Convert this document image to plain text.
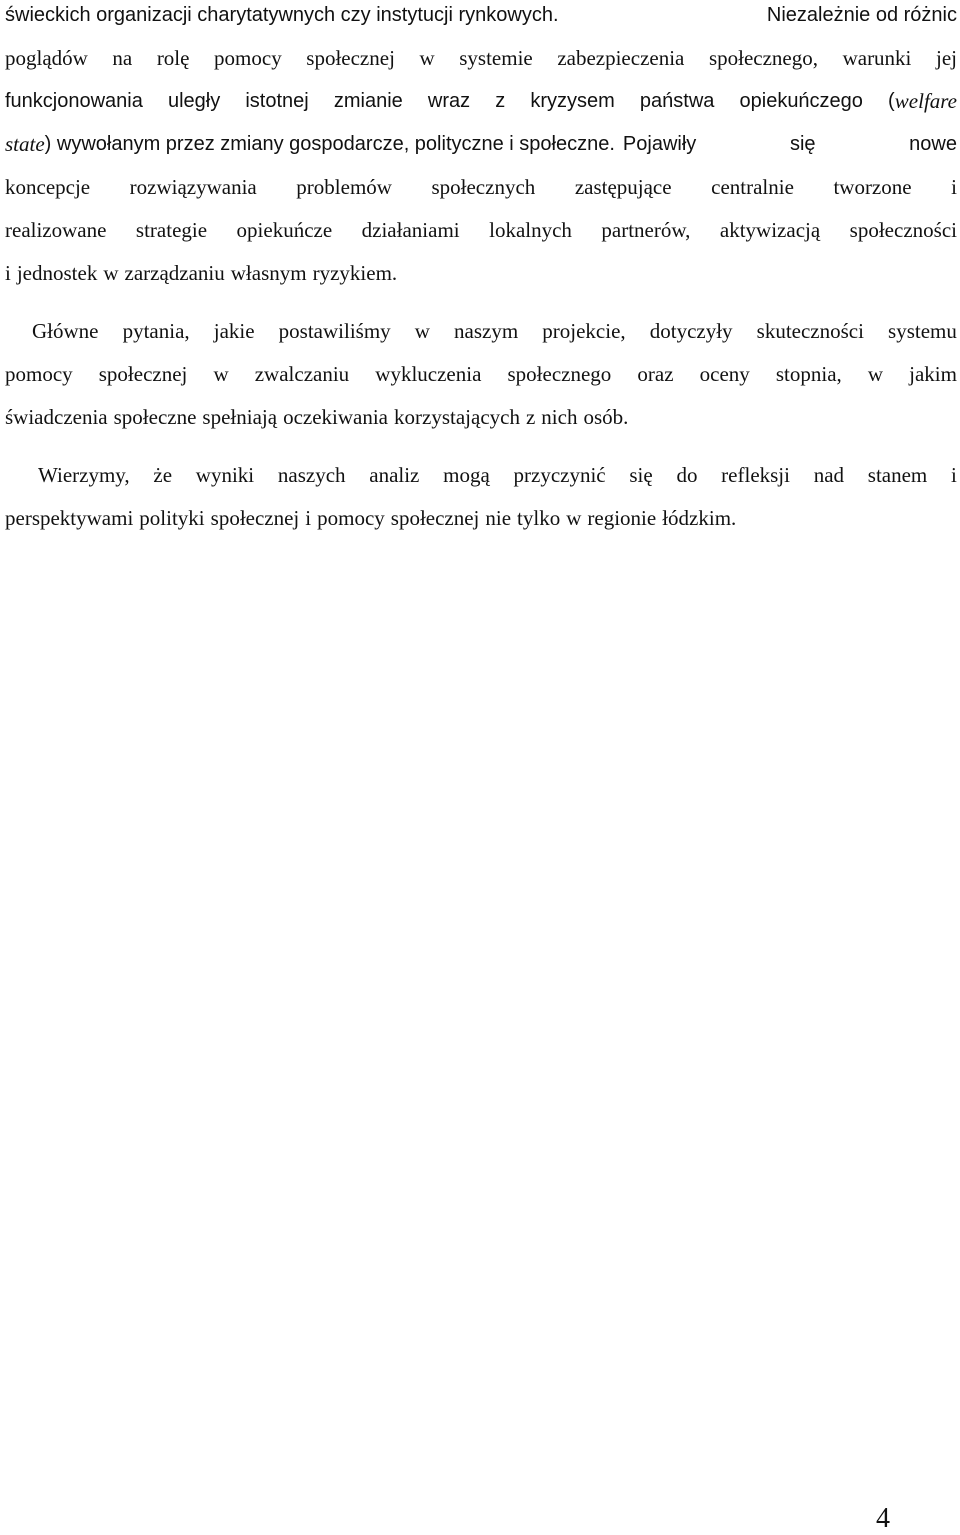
świeckich organizacji charytatywnych czy instytucji rynkowych.	Niezależnie od różnic
poglądów na rolę pomocy społecznej w systemie zabezpieczenia społecznego, warunki jej
funkcjonowania uległy istotnej zmianie wraz z kryzysem państwa opiekuńczego ( welfare
state ) wywołanym przez zmiany gospodarcze, polityczne i społeczne. Pojawiły	się	nowe
koncepcje rozwiązywania problemów społecznych zastępujące centralnie tworzone i
realizowane strategie opiekuńcze działaniami lokalnych partnerów, aktywizacją społeczności
i jednostek w zarządzaniu własnym ryzykiem.
Główne pytania, jakie postawiliśmy w naszym projekcie, dotyczyły skuteczności systemu
pomocy społecznej w zwalczaniu wykluczenia społecznego oraz oceny stopnia, w jakim
świadczenia społeczne spełniają oczekiwania korzystających z nich osób.
Wierzymy, że wyniki naszych analiz mogą przyczynić się do refleksji nad stanem i
perspektywami polityki społecznej i pomocy społecznej nie tylko w regionie łódzkim.
4
